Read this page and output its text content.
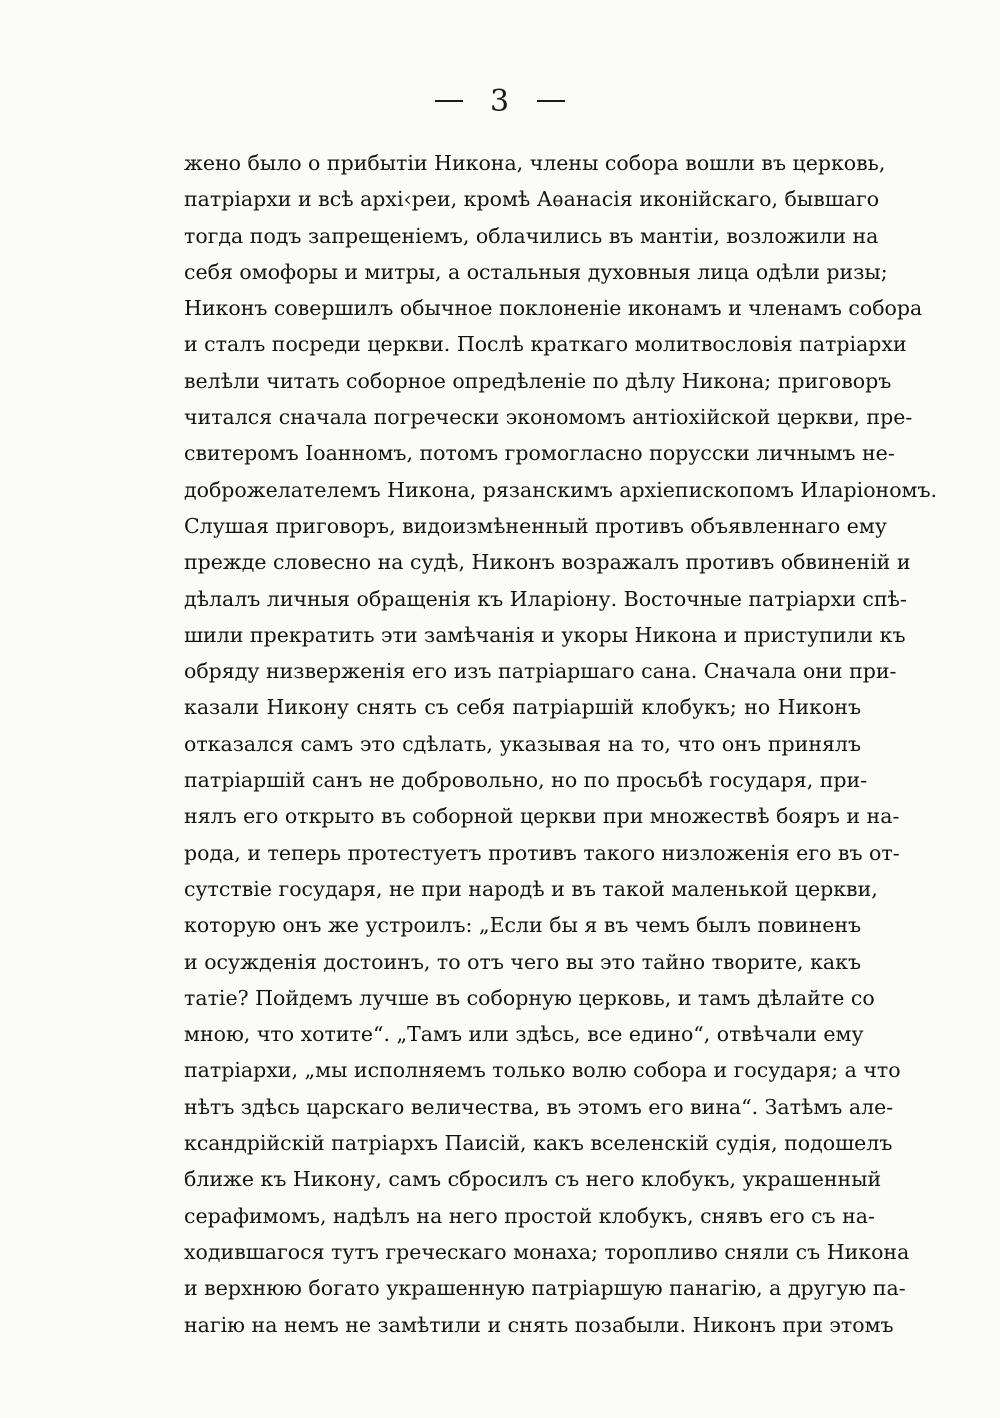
3
жено было о прибытіи Никона, члены собора вошли въ церковь,
патріархи и всѣ архі‹реи, кромѣ Аѳанасія иконійскаго, бывшаго
тогда подъ запрещеніемъ, облачились въ мантіи, возложили на
себя омофоры и митры, а остальныя духовныя лица одѣли ризы;
Никонъ совершилъ обычное поклоненіе иконамъ и членамъ собора
и сталъ посреди церкви. Послѣ краткаго молитвословія патріархи
велѣли читать соборное опредѣленіе по дѣлу Никона; приговоръ
читался сначала погречески экономомъ антіохійской церкви, пре-
свитеромъ Іоанномъ, потомъ громогласно порусски личнымъ не-
доброжелателемъ Никона, рязанскимъ архіепископомъ Иларіономъ.
Слушая приговоръ, видоизмѣненный противъ объявленнаго ему
прежде словесно на судѣ, Никонъ возражалъ противъ обвиненій и
дѣлалъ личныя обращенія къ Иларіону. Восточные патріархи спѣ-
шили прекратить эти замѣчанія и укоры Никона и приступили къ
обряду низверженія его изъ патріаршаго сана. Сначала они при-
казали Никону снять съ себя патріаршій клобукъ; но Никонъ
отказался самъ это сдѣлать, указывая на то, что онъ принялъ
патріаршій санъ не добровольно, но по просьбѣ государя, при-
нялъ его открыто въ соборной церкви при множествѣ бояръ и на-
рода, и теперь протестуетъ противъ такого низложенія его въ от-
сутствіе государя, не при народѣ и въ такой маленькой церкви,
которую онъ же устроилъ: „Если бы я въ чемъ былъ повиненъ
и осужденія достоинъ, то отъ чего вы это тайно творите, какъ
татіе? Пойдемъ лучше въ соборную церковь, и тамъ дѣлайте со
мною, что хотите“. „Тамъ или здѣсь, все едино“, отвѣчали ему
патріархи, „мы исполняемъ только волю собора и государя; а что
нѣтъ здѣсь царскаго величества, въ этомъ его вина“. Затѣмъ але-
ксандрійскій патріархъ Паисій, какъ вселенскій судія, подошелъ
ближе къ Никону, самъ сбросилъ съ него клобукъ, украшенный
серафимомъ, надѣлъ на него простой клобукъ, снявъ его съ на-
ходившагося тутъ греческаго монаха; торопливо сняли съ Никона
и верхнюю богато украшенную патріаршую панагію, а другую па-
нагію на немъ не замѣтили и снять позабыли. Никонъ при этомъ
